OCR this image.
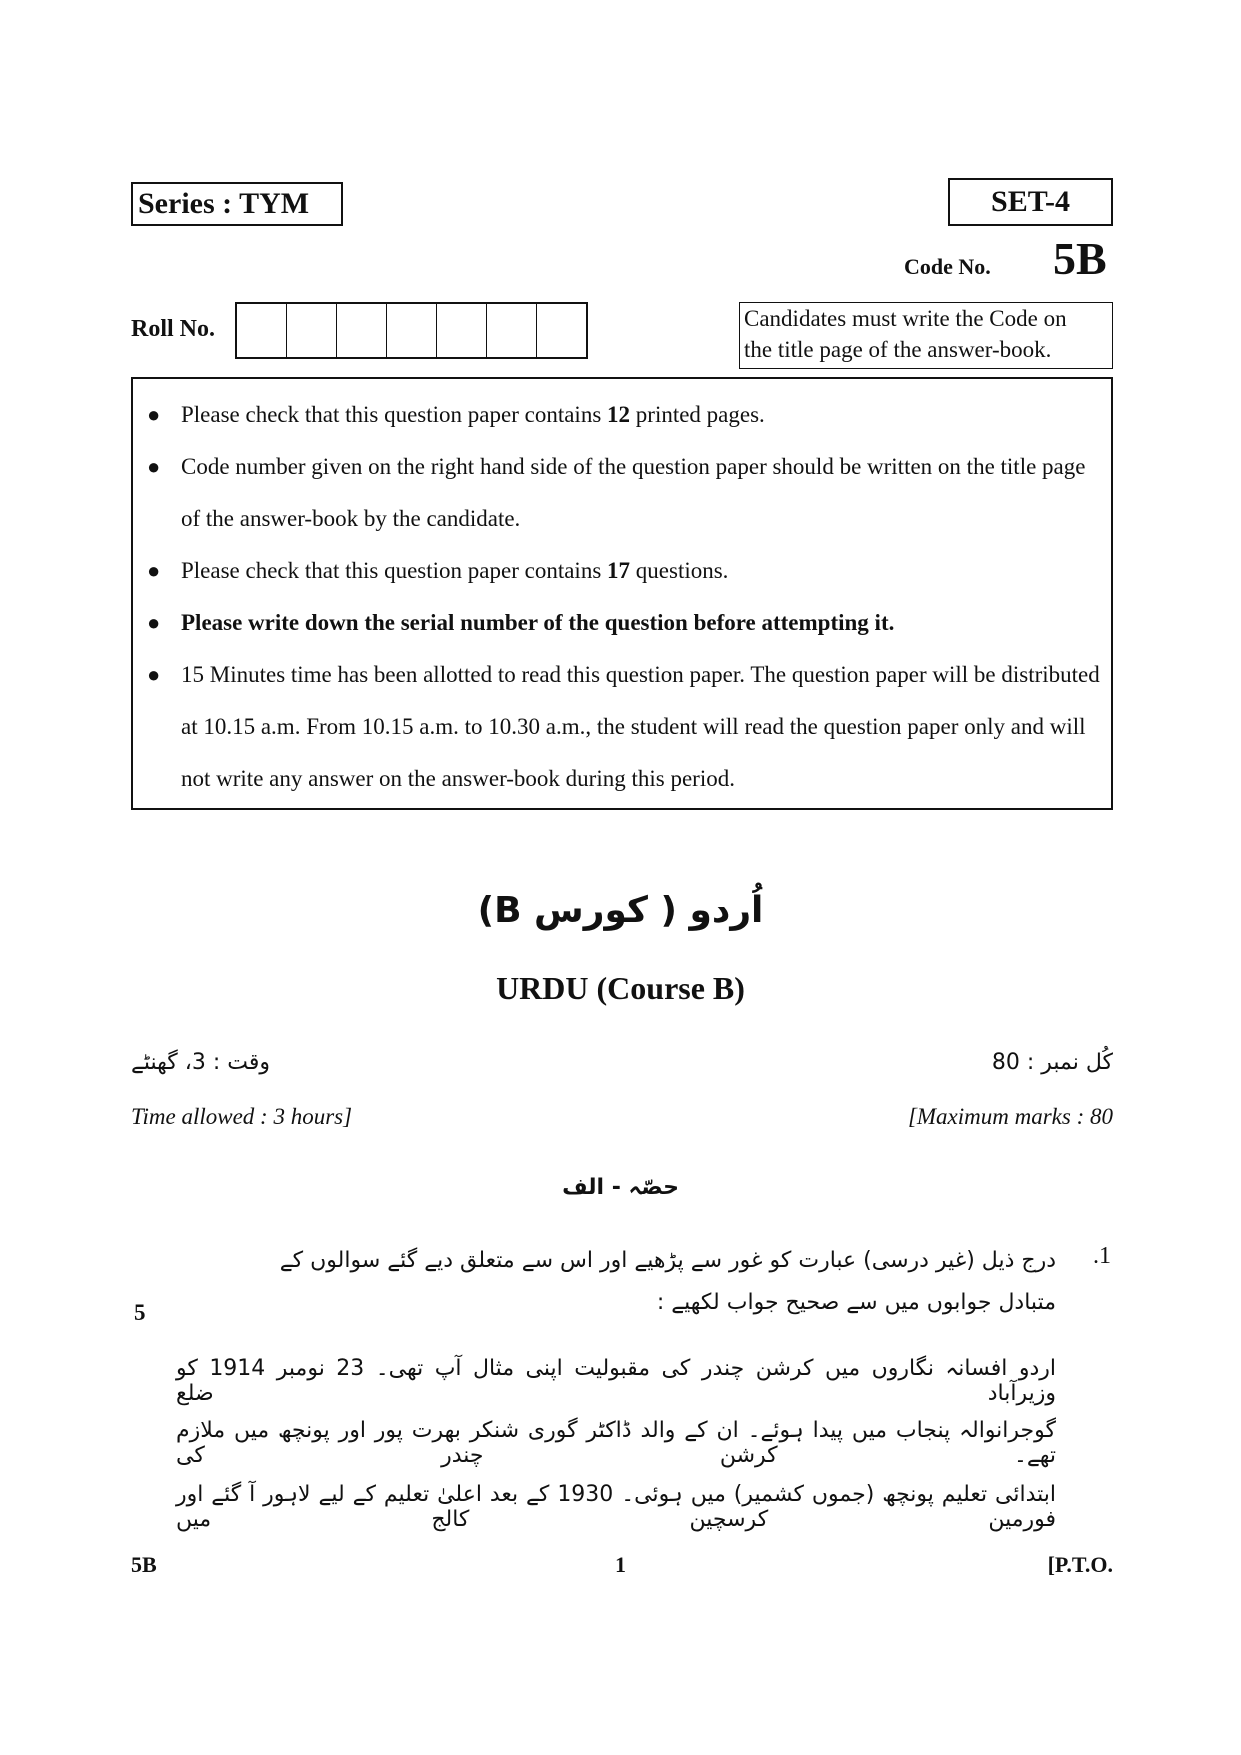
Series : TYM	SET-4
Code No. 5B
Roll No.	Candidates must write the Code on
the title page of the answer-book.
● Please check that this question paper contains 12 printed pages.
● Code number given on the right hand side of the question paper should be written on the title page of the answer-book by the candidate.
● Please check that this question paper contains 17 questions.
● Please write down the serial number of the question before attempting it.
● 15 Minutes time has been allotted to read this question paper. The question paper will be distributed at 10.15 a.m. From 10.15 a.m. to 10.30 a.m., the student will read the question paper only and will not write any answer on the answer-book during this period.
اُردو ( کورس B)
URDU (Course B)
وقت : 3، گھنٹے	کُل نمبر : 80
Time allowed : 3 hours]	[Maximum marks : 80
حصّہ - الف
.1
درج ذیل (غیر درسی) عبارت کو غور سے پڑھیے اور اس سے متعلق دیے گئے سوالوں کے متبادل جوابوں میں سے صحیح جواب لکھیے :
5
اردو افسانہ نگاروں میں کرشن چندر کی مقبولیت اپنی مثال آپ تھی۔ 23 نومبر 1914 کو وزیرآباد ضلع
گوجرانوالہ پنجاب میں پیدا ہوئے۔ ان کے والد ڈاکٹر گوری شنکر بھرت پور اور پونچھ میں ملازم تھے۔ کرشن چندر کی
ابتدائی تعلیم پونچھ (جموں کشمیر) میں ہوئی۔ 1930 کے بعد اعلیٰ تعلیم کے لیے لاہور آ گئے اور فورمین کرسچین کالج میں
5B	1	[P.T.O.
